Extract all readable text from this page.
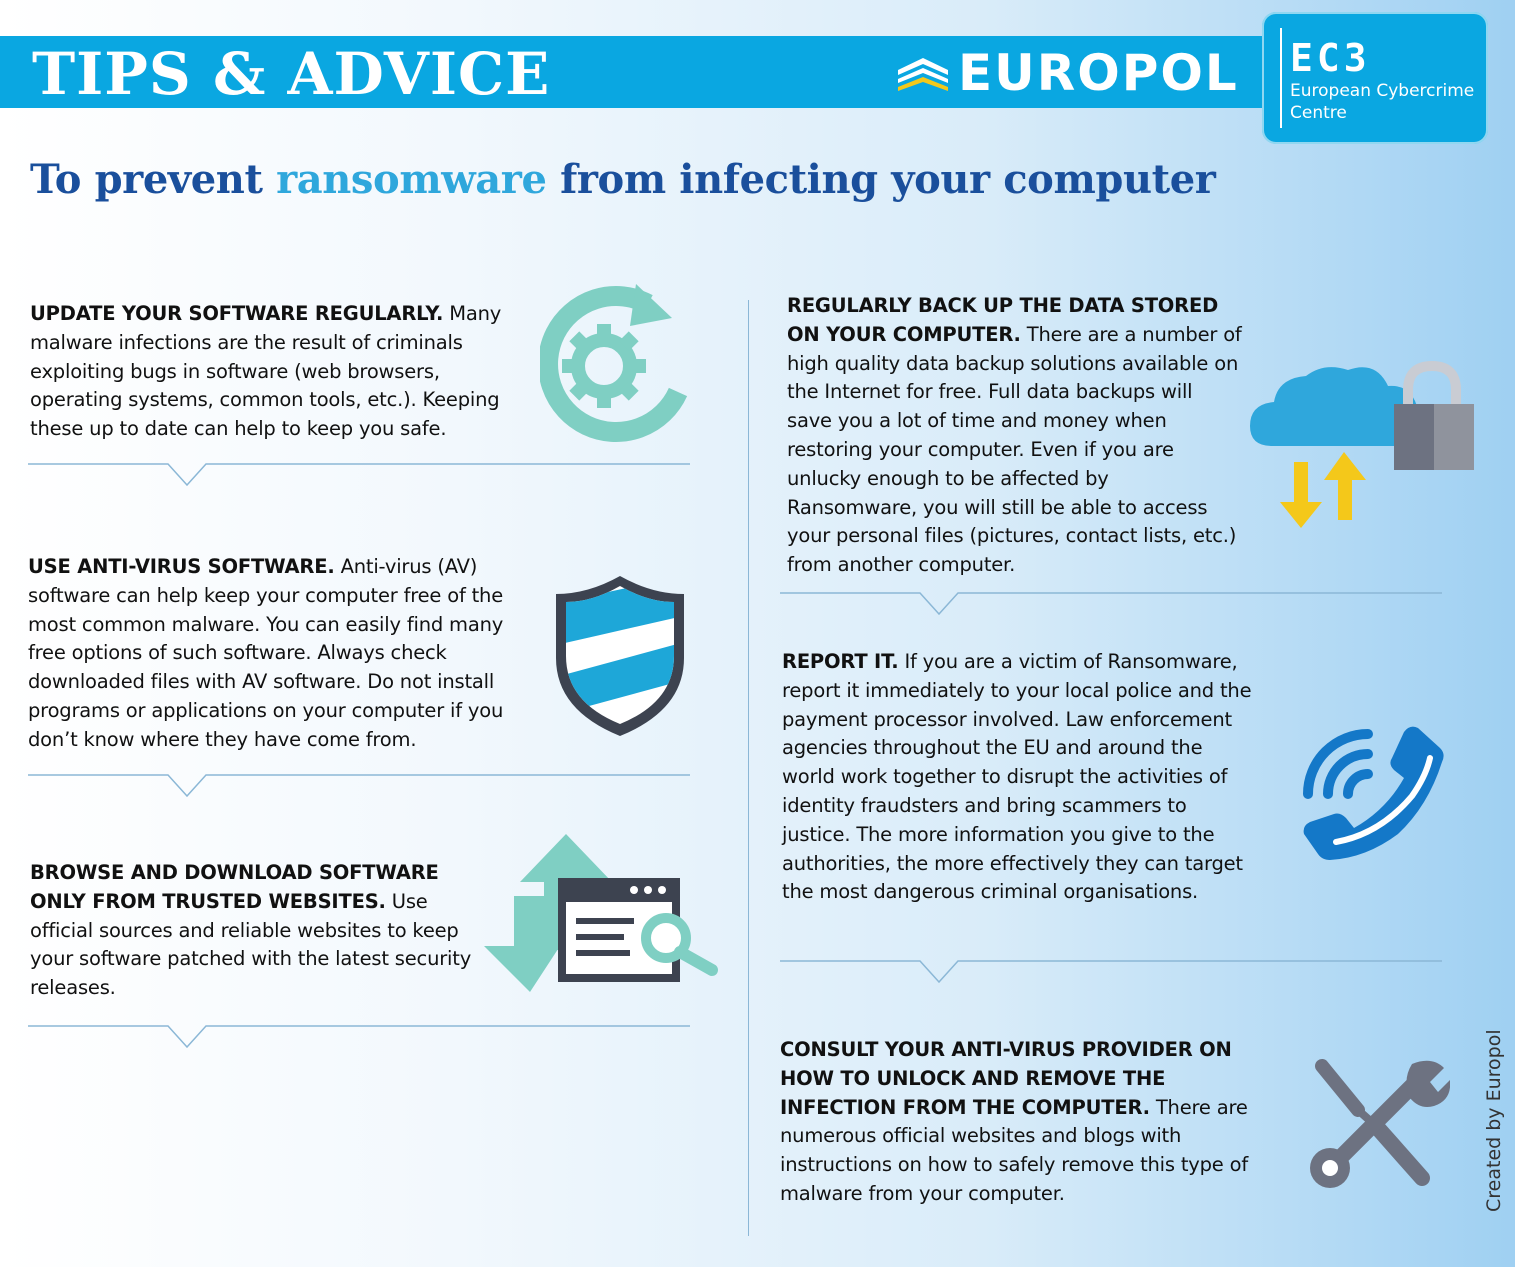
TIPS & ADVICE	EUROPOL EC3
European Cybercrime Centre
To prevent ransomware from infecting your computer

UPDATE YOUR SOFTWARE REGULARLY. Many malware infections are the result of criminals exploiting bugs in software (web browsers, operating systems, common tools, etc.). Keeping these up to date can help to keep you safe.

USE ANTI-VIRUS SOFTWARE. Anti-virus (AV) software can help keep your computer free of the most common malware. You can easily find many free options of such software. Always check downloaded files with AV software. Do not install programs or applications on your computer if you don’t know where they have come from.

BROWSE AND DOWNLOAD SOFTWARE ONLY FROM TRUSTED WEBSITES. Use official sources and reliable websites to keep your software patched with the latest security releases.

REGULARLY BACK UP THE DATA STORED ON YOUR COMPUTER. There are a number of high quality data backup solutions available on the Internet for free. Full data backups will save you a lot of time and money when restoring your computer. Even if you are unlucky enough to be affected by Ransomware, you will still be able to access your personal files (pictures, contact lists, etc.) from another computer.

REPORT IT. If you are a victim of Ransomware, report it immediately to your local police and the payment processor involved. Law enforcement agencies throughout the EU and around the world work together to disrupt the activities of identity fraudsters and bring scammers to justice. The more information you give to the authorities, the more effectively they can target the most dangerous criminal organisations.

CONSULT YOUR ANTI-VIRUS PROVIDER ON HOW TO UNLOCK AND REMOVE THE INFECTION FROM THE COMPUTER. There are numerous official websites and blogs with instructions on how to safely remove this type of malware from your computer.	Created by Europol
